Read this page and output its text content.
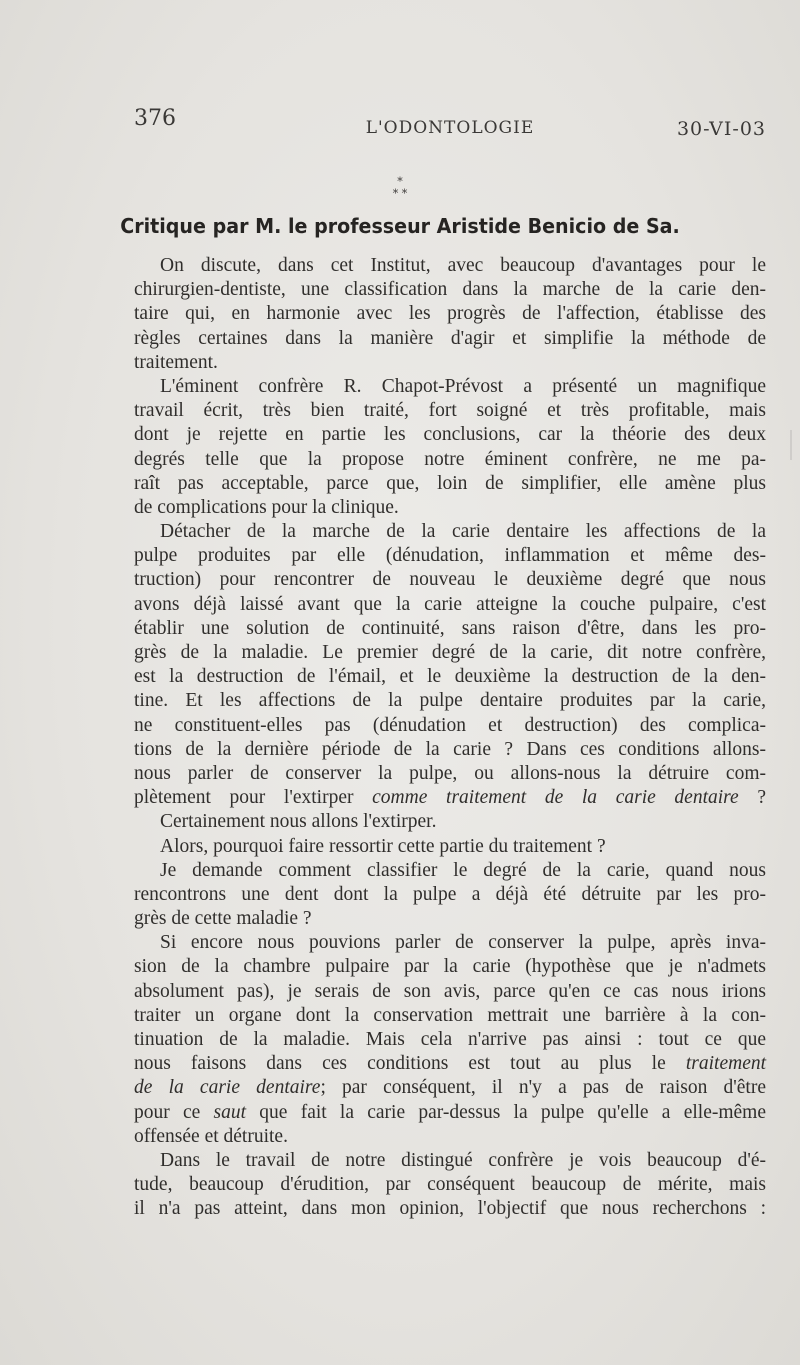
376	L'ODONTOLOGIE	30-VI-03
*
* *
Critique par M. le professeur Aristide Benicio de Sa.
On discute, dans cet Institut, avec beaucoup d'avantages pour le
chirurgien-dentiste, une classification dans la marche de la carie den-
taire qui, en harmonie avec les progrès de l'affection, établisse des
règles certaines dans la manière d'agir et simplifie la méthode de
traitement.
L'éminent confrère R. Chapot-Prévost a présenté un magnifique
travail écrit, très bien traité, fort soigné et très profitable, mais
dont je rejette en partie les conclusions, car la théorie des deux
degrés telle que la propose notre éminent confrère, ne me pa-
raît pas acceptable, parce que, loin de simplifier, elle amène plus
de complications pour la clinique.
Détacher de la marche de la carie dentaire les affections de la
pulpe produites par elle (dénudation, inflammation et même des-
truction) pour rencontrer de nouveau le deuxième degré que nous
avons déjà laissé avant que la carie atteigne la couche pulpaire, c'est
établir une solution de continuité, sans raison d'être, dans les pro-
grès de la maladie. Le premier degré de la carie, dit notre confrère,
est la destruction de l'émail, et le deuxième la destruction de la den-
tine. Et les affections de la pulpe dentaire produites par la carie,
ne constituent-elles pas (dénudation et destruction) des complica-
tions de la dernière période de la carie ? Dans ces conditions allons-
nous parler de conserver la pulpe, ou allons-nous la détruire com-
plètement pour l'extirper comme traitement de la carie dentaire ?
Certainement nous allons l'extirper.
Alors, pourquoi faire ressortir cette partie du traitement ?
Je demande comment classifier le degré de la carie, quand nous
rencontrons une dent dont la pulpe a déjà été détruite par les pro-
grès de cette maladie ?
Si encore nous pouvions parler de conserver la pulpe, après inva-
sion de la chambre pulpaire par la carie (hypothèse que je n'admets
absolument pas), je serais de son avis, parce qu'en ce cas nous irions
traiter un organe dont la conservation mettrait une barrière à la con-
tinuation de la maladie. Mais cela n'arrive pas ainsi : tout ce que
nous faisons dans ces conditions est tout au plus le traitement
de la carie dentaire; par conséquent, il n'y a pas de raison d'être
pour ce saut que fait la carie par-dessus la pulpe qu'elle a elle-même
offensée et détruite.
Dans le travail de notre distingué confrère je vois beaucoup d'é-
tude, beaucoup d'érudition, par conséquent beaucoup de mérite, mais
il n'a pas atteint, dans mon opinion, l'objectif que nous recherchons :
